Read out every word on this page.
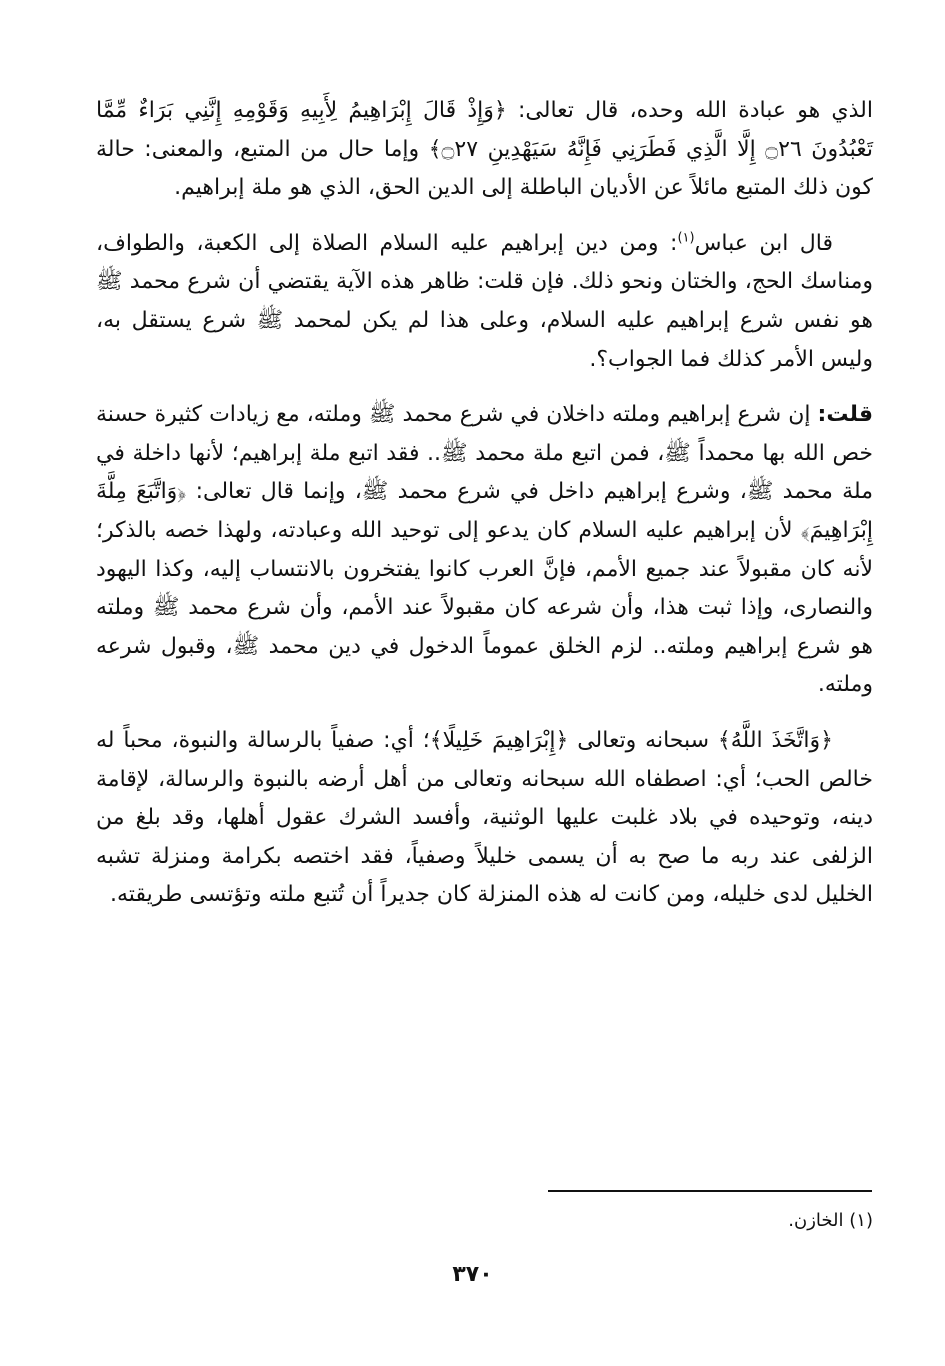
الذي هو عبادة الله وحده، قال تعالى: ﴿وَإِذْ قَالَ إِبْرَاهِيمُ لِأَبِيهِ وَقَوْمِهِ إِنَّنِي بَرَاءٌ مِّمَّا تَعْبُدُونَ ۝٢٦ إِلَّا الَّذِي فَطَرَنِي فَإِنَّهُ سَيَهْدِينِ ۝٢٧﴾ وإما حال من المتبع، والمعنى: حالة كون ذلك المتبع مائلاً عن الأديان الباطلة إلى الدين الحق، الذي هو ملة إبراهيم.

قال ابن عباس$^{(١)}$: ومن دين إبراهيم عليه السلام الصلاة إلى الكعبة، والطواف، ومناسك الحج، والختان ونحو ذلك. فإن قلت: ظاهر هذه الآية يقتضي أن شرع محمد ﷺ هو نفس شرع إبراهيم عليه السلام، وعلى هذا لم يكن لمحمد ﷺ شرع يستقل به، وليس الأمر كذلك فما الجواب؟.

قلت: إن شرع إبراهيم وملته داخلان في شرع محمد ﷺ وملته، مع زيادات كثيرة حسنة خص الله بها محمداً ﷺ، فمن اتبع ملة محمد ﷺ.. فقد اتبع ملة إبراهيم؛ لأنها داخلة في ملة محمد ﷺ، وشرع إبراهيم داخل في شرع محمد ﷺ، وإنما قال تعالى: ﴿وَاتَّبَعَ مِلَّةَ إِبْرَاهِيمَ﴾ لأن إبراهيم عليه السلام كان يدعو إلى توحيد الله وعبادته، ولهذا خصه بالذكر؛ لأنه كان مقبولاً عند جميع الأمم، فإنَّ العرب كانوا يفتخرون بالانتساب إليه، وكذا اليهود والنصارى، وإذا ثبت هذا، وأن شرعه كان مقبولاً عند الأمم، وأن شرع محمد ﷺ وملته هو شرع إبراهيم وملته.. لزم الخلق عموماً الدخول في دين محمد ﷺ، وقبول شرعه وملته.

﴿وَاتَّخَذَ اللَّهُ﴾ سبحانه وتعالى ﴿إِبْرَاهِيمَ خَلِيلًا﴾؛ أي: صفياً بالرسالة والنبوة، محباً له خالص الحب؛ أي: اصطفاه الله سبحانه وتعالى من أهل أرضه بالنبوة والرسالة، لإقامة دينه، وتوحيده في بلاد غلبت عليها الوثنية، وأفسد الشرك عقول أهلها، وقد بلغ من الزلفى عند ربه ما صح به أن يسمى خليلاً وصفياً، فقد اختصه بكرامة ومنزلة تشبه الخليل لدى خليله، ومن كانت له هذه المنزلة كان جديراً أن تُتبع ملته وتؤتسى طريقته.

(١) الخازن.
٣٧٠
